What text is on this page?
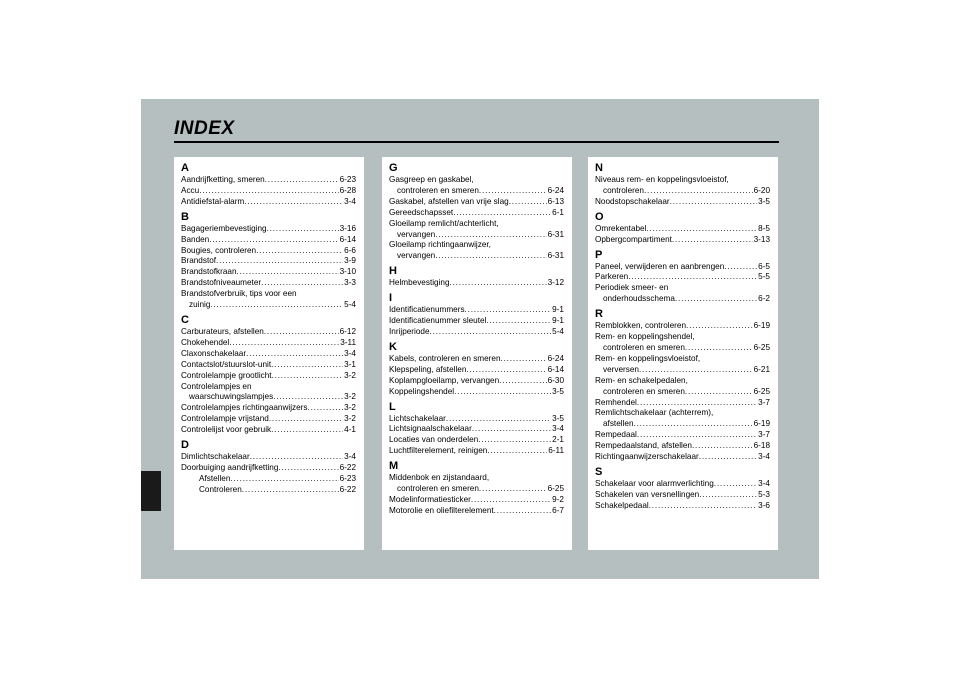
INDEX
A
Aandrijfketting, smeren .....	6-23
Accu .....	6-28
Antidiefstal-alarm .....	3-4
B
Bagageriembevestiging .....	3-16
Banden .....	6-14
Bougies, controleren .....	6-6
Brandstof .....	3-9
Brandstofkraan .....	3-10
Brandstofniveaumeter .....	3-3
Brandstofverbruik, tips voor een
zuinig .....	5-4
C
Carburateurs, afstellen .....	6-12
Chokehendel .....	3-11
Claxonschakelaar .....	3-4
Contactslot/stuurslot-unit .....	3-1
Controlelampje grootlicht .....	3-2
Controlelampjes en
waarschuwingslampjes .....	3-2
Controlelampjes richtingaanwijzers .....	3-2
Controlelampje vrijstand .....	3-2
Controlelijst voor gebruik .....	4-1
D
Dimlichtschakelaar .....	3-4
Doorbuiging aandrijfketting .....	6-22
Afstellen .....	6-23
Controleren .....	6-22
G
Gasgreep en gaskabel,
controleren en smeren .....	6-24
Gaskabel, afstellen van vrije slag .....	6-13
Gereedschapsset .....	6-1
Gloeilamp remlicht/achterlicht,
vervangen .....	6-31
Gloeilamp richtingaanwijzer,
vervangen .....	6-31
H
Helmbevestiging .....	3-12
I
Identificatienummers .....	9-1
Identificatienummer sleutel .....	9-1
Inrijperiode .....	5-4
K
Kabels, controleren en smeren .....	6-24
Klepspeling, afstellen .....	6-14
Koplampgloeilamp, vervangen .....	6-30
Koppelingshendel .....	3-5
L
Lichtschakelaar .....	3-5
Lichtsignaalschakelaar .....	3-4
Locaties van onderdelen .....	2-1
Luchtfilterelement, reinigen .....	6-11
M
Middenbok en zijstandaard,
controleren en smeren .....	6-25
Modelinformatiesticker .....	9-2
Motorolie en oliefilterelement .....	6-7
N
Niveaus rem- en koppelingsvloeistof,
controleren .....	6-20
Noodstopschakelaar .....	3-5
O
Omrekentabel .....	8-5
Opbergcompartiment .....	3-13
P
Paneel, verwijderen en aanbrengen .....	6-5
Parkeren .....	5-5
Periodiek smeer- en
onderhoudsschema .....	6-2
R
Remblokken, controleren .....	6-19
Rem- en koppelingshendel,
controleren en smeren .....	6-25
Rem- en koppelingsvloeistof,
verversen .....	6-21
Rem- en schakelpedalen,
controleren en smeren .....	6-25
Remhendel .....	3-7
Remlichtschakelaar (achterrem),
afstellen .....	6-19
Rempedaal .....	3-7
Rempedaalstand, afstellen .....	6-18
Richtingaanwijzerschakelaar .....	3-4
S
Schakelaar voor alarmverlichting .....	3-4
Schakelen van versnellingen .....	5-3
Schakelpedaal .....	3-6
